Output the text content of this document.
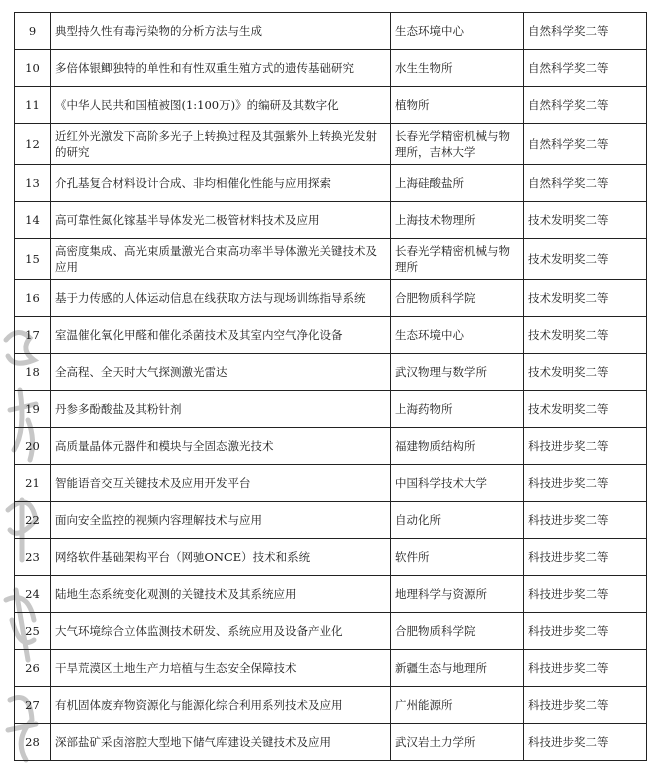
9	典型持久性有毒污染物的分析方法与生成	生态环境中心	自然科学奖二等
10	多倍体银鲫独特的单性和有性双重生殖方式的遗传基础研究	水生生物所	自然科学奖二等
11	《中华人民共和国植被图(1:100万)》的编研及其数字化	植物所	自然科学奖二等
12	近红外光激发下高阶多光子上转换过程及其强紫外上转换光发射的研究	长春光学精密机械与物理所，吉林大学	自然科学奖二等
13	介孔基复合材料设计合成、非均相催化性能与应用探索	上海硅酸盐所	自然科学奖二等
14	高可靠性氮化镓基半导体发光二极管材料技术及应用	上海技术物理所	技术发明奖二等
15	高密度集成、高光束质量激光合束高功率半导体激光关键技术及应用	长春光学精密机械与物理所	技术发明奖二等
16	基于力传感的人体运动信息在线获取方法与现场训练指导系统	合肥物质科学院	技术发明奖二等
17	室温催化氧化甲醛和催化杀菌技术及其室内空气净化设备	生态环境中心	技术发明奖二等
18	全高程、全天时大气探测激光雷达	武汉物理与数学所	技术发明奖二等
19	丹参多酚酸盐及其粉针剂	上海药物所	技术发明奖二等
20	高质量晶体元器件和模块与全固态激光技术	福建物质结构所	科技进步奖二等
21	智能语音交互关键技术及应用开发平台	中国科学技术大学	科技进步奖二等
22	面向安全监控的视频内容理解技术与应用	自动化所	科技进步奖二等
23	网络软件基础架构平台（网驰ONCE）技术和系统	软件所	科技进步奖二等
24	陆地生态系统变化观测的关键技术及其系统应用	地理科学与资源所	科技进步奖二等
25	大气环境综合立体监测技术研发、系统应用及设备产业化	合肥物质科学院	科技进步奖二等
26	干旱荒漠区土地生产力培植与生态安全保障技术	新疆生态与地理所	科技进步奖二等
27	有机固体废弃物资源化与能源化综合利用系列技术及应用	广州能源所	科技进步奖二等
28	深部盐矿采卤溶腔大型地下储气库建设关键技术及应用	武汉岩土力学所	科技进步奖二等
